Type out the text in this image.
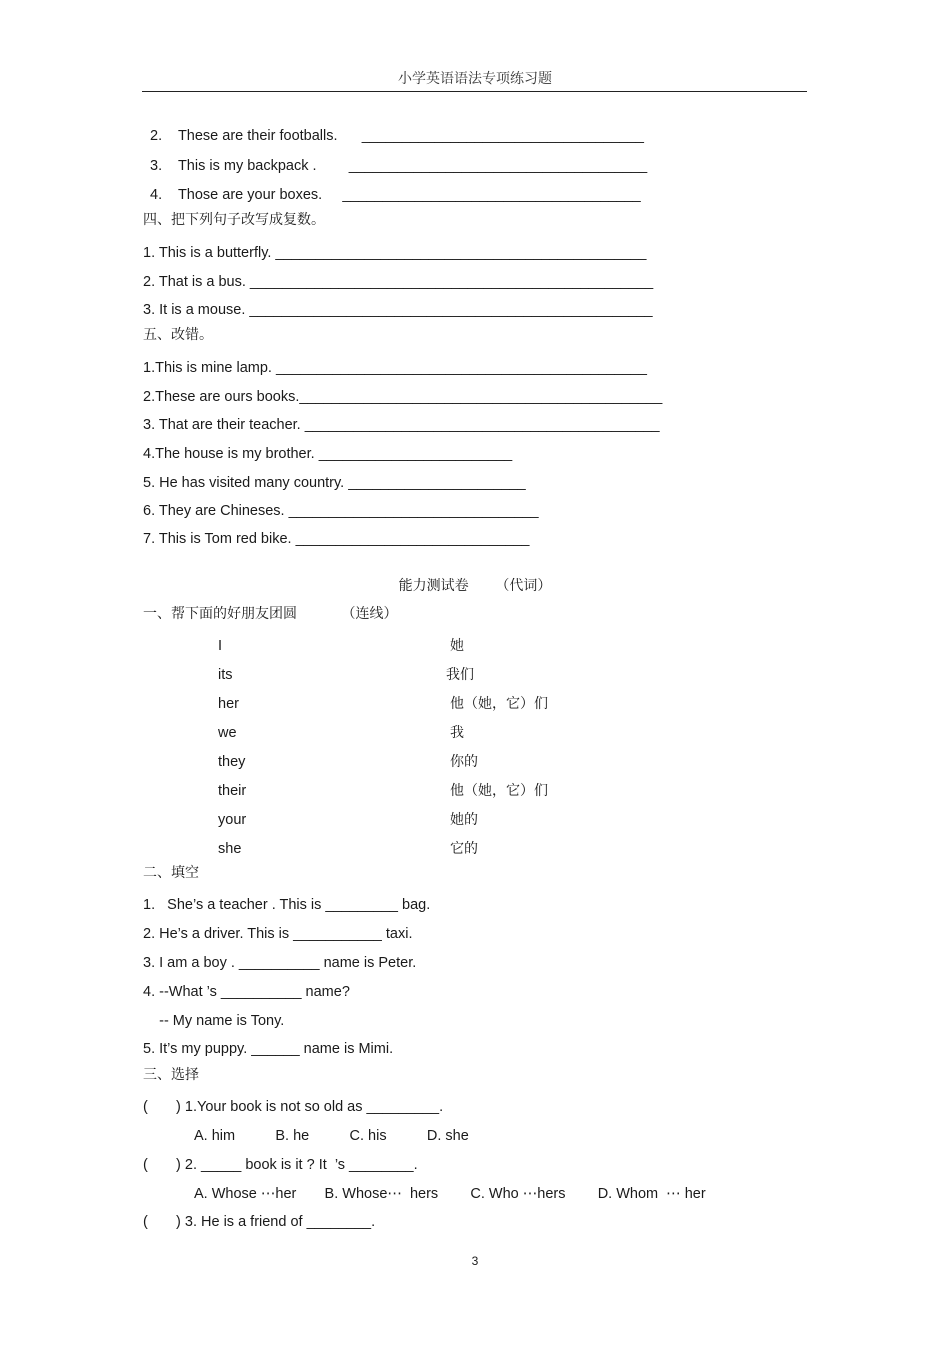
小学英语语法专项练习题
2.    These are their footballs.      ___________________________________
3.    This is my backpack .        _____________________________________
4.    Those are your boxes.     _____________________________________
四、把下列句子改写成复数。
1. This is a butterfly. ______________________________________________
2. That is a bus. __________________________________________________
3. It is a mouse. __________________________________________________
五、改错。
1.This is mine lamp. ______________________________________________
2.These are ours books._____________________________________________
3. That are their teacher. ____________________________________________
4.The house is my brother. ________________________
5. He has visited many country. ______________________
6. They are Chineses. _______________________________
7. This is Tom red bike. _____________________________
能力测试卷      （代词）
一、帮下面的好朋友团圆          （连线）
I
its
her
we
they
their
your
she
她
我们
他（她，它）们
我
你的
他（她，它）们
她的
它的
二、填空
1.   She’s a teacher . This is _________ bag.
2. He’s a driver. This is ___________ taxi.
3. I am a boy . __________ name is Peter.
4. --What ’s __________ name?
-- My name is Tony.
5. It’s my puppy. ______ name is Mimi.
三、选择
(       ) 1.Your book is not so old as _________.
A. him          B. he          C. his          D. she
(       ) 2. _____ book is it ? It  ’s ________.
A. Whose ⋯her       B. Whose⋯  hers        C. Who ⋯hers        D. Whom  ⋯ her
(       ) 3. He is a friend of ________.
3
